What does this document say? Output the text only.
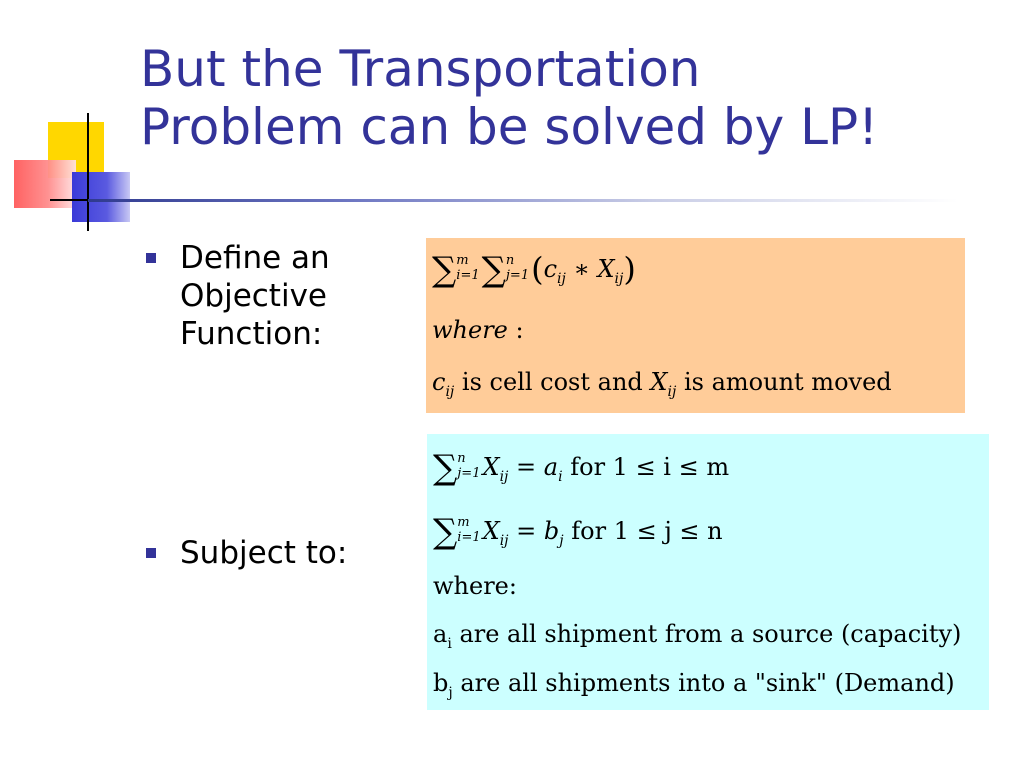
But the Transportation
Problem can be solved by LP!
Define an
Objective
Function:
Subject to:
∑ m
i=1 ∑ n
j=1 ($c_{ij}$ ∗ $X_{ij}$)
where :
$c_{ij}$ is cell cost and $X_{ij}$ is amount moved
∑ n
j=1 $X_{ij} = a_i$ for 1 ≤ i ≤ m
∑ m
i=1 $X_{ij} = b_j$ for 1 ≤ j ≤ n
where:
$a_i$ are all shipment from a source (capacity)
$b_j$ are all shipments into a "sink" (Demand)
